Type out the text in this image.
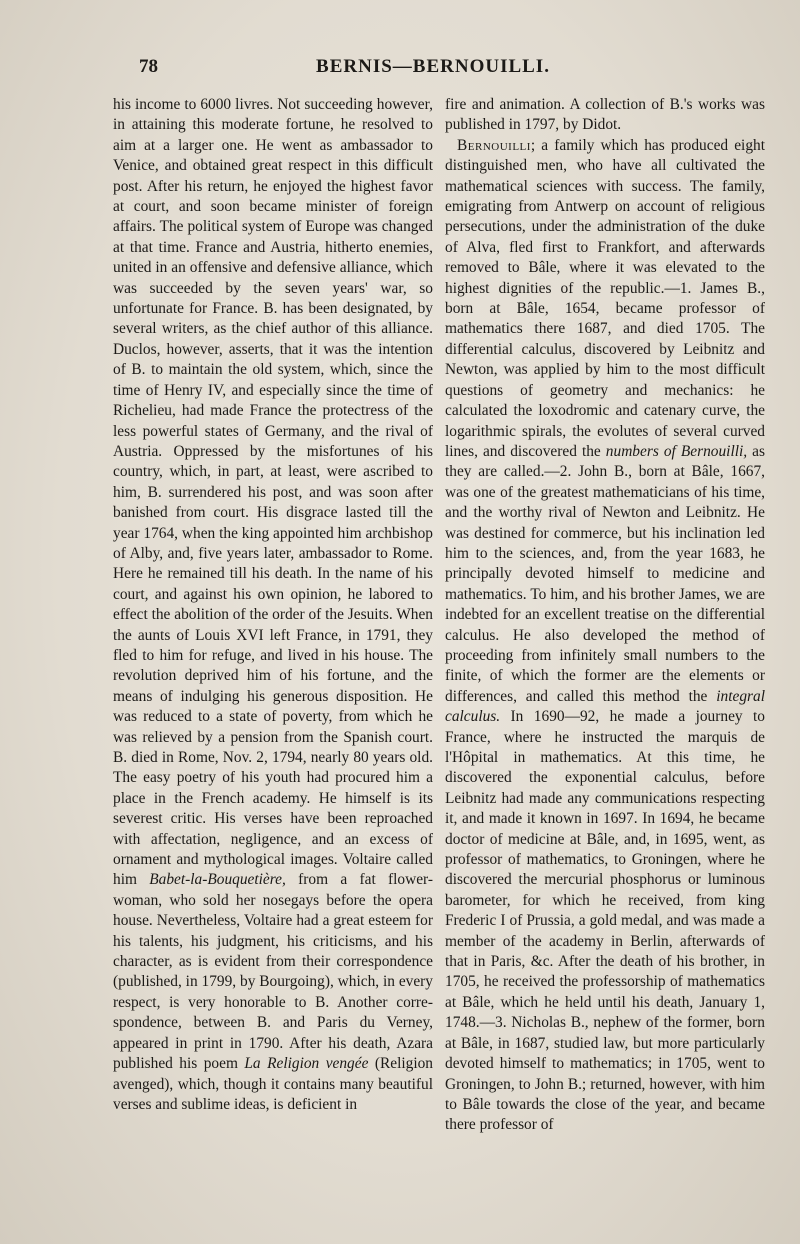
78	BERNIS—BERNOUILLI.

his income to 6000 livres. Not succeeding however, in attaining this moderate fortune, he resolved to aim at a larger one. He went as ambassador to Venice, and obtained great respect in this difficult post. After his return, he enjoyed the highest favor at court, and soon became minister of foreign affairs. The political system of Europe was changed at that time. France and Austria, hitherto enemies, united in an offensive and defensive alliance, which was succeeded by the seven years' war, so unfortunate for France. B. has been designated, by several writers, as the chief author of this alliance. Duclos, however, asserts, that it was the intention of B. to maintain the old system, which, since the time of Henry IV, and especially since the time of Richelieu, had made France the protectress of the less powerful states of Germany, and the rival of Austria. Oppressed by the misfortunes of his country, which, in part, at least, were ascribed to him, B. surrendered his post, and was soon after banished from court. His disgrace lasted till the year 1764, when the king appointed him archbishop of Alby, and, five years later, ambassador to Rome. Here he remained till his death. In the name of his court, and against his own opinion, he labored to effect the abolition of the order of the Jesuits. When the aunts of Louis XVI left France, in 1791, they fled to him for refuge, and lived in his house. The revolution deprived him of his fortune, and the means of indulging his generous disposition. He was reduced to a state of poverty, from which he was relieved by a pension from the Spanish court. B. died in Rome, Nov. 2, 1794, nearly 80 years old. The easy poetry of his youth had procured him a place in the French academy. He himself is its severest critic. His verses have been reproached with affectation, negligence, and an excess of ornament and mythological images. Voltaire called him Babet-la-Bouquetière, from a fat flower-woman, who sold her nosegays before the opera house. Nevertheless, Voltaire had a great esteem for his talents, his judgment, his criticisms, and his character, as is evident from their correspondence (published, in 1799, by Bourgoing), which, in every respect, is very honorable to B. Another correspondence, between B. and Paris du Verney, appeared in print in 1790. After his death, Azara published his poem La Religion vengée (Religion avenged), which, though it contains many beautiful verses and sublime ideas, is deficient in

fire and animation. A collection of B.'s works was published in 1797, by Didot.

Bernouilli; a family which has produced eight distinguished men, who have all cultivated the mathematical sciences with success. The family, emigrating from Antwerp on account of religious persecutions, under the administration of the duke of Alva, fled first to Frankfort, and afterwards removed to Bâle, where it was elevated to the highest dignities of the republic.—1. James B., born at Bâle, 1654, became professor of mathematics there 1687, and died 1705. The differential calculus, discovered by Leibnitz and Newton, was applied by him to the most difficult questions of geometry and mechanics: he calculated the loxodromic and catenary curve, the logarithmic spirals, the evolutes of several curved lines, and discovered the numbers of Bernouilli, as they are called.—2. John B., born at Bâle, 1667, was one of the greatest mathematicians of his time, and the worthy rival of Newton and Leibnitz. He was destined for commerce, but his inclination led him to the sciences, and, from the year 1683, he principally devoted himself to medicine and mathematics. To him, and his brother James, we are indebted for an excellent treatise on the differential calculus. He also developed the method of proceeding from infinitely small numbers to the finite, of which the former are the elements or differences, and called this method the integral calculus. In 1690—92, he made a journey to France, where he instructed the marquis de l'Hôpital in mathematics. At this time, he discovered the exponential calculus, before Leibnitz had made any communications respecting it, and made it known in 1697. In 1694, he became doctor of medicine at Bâle, and, in 1695, went, as professor of mathematics, to Groningen, where he discovered the mercurial phosphorus or luminous barometer, for which he received, from king Frederic I of Prussia, a gold medal, and was made a member of the academy in Berlin, afterwards of that in Paris, &c. After the death of his brother, in 1705, he received the professorship of mathematics at Bâle, which he held until his death, January 1, 1748.—3. Nicholas B., nephew of the former, born at Bâle, in 1687, studied law, but more particularly devoted himself to mathematics; in 1705, went to Groningen, to John B.; returned, however, with him to Bâle towards the close of the year, and became there professor of
